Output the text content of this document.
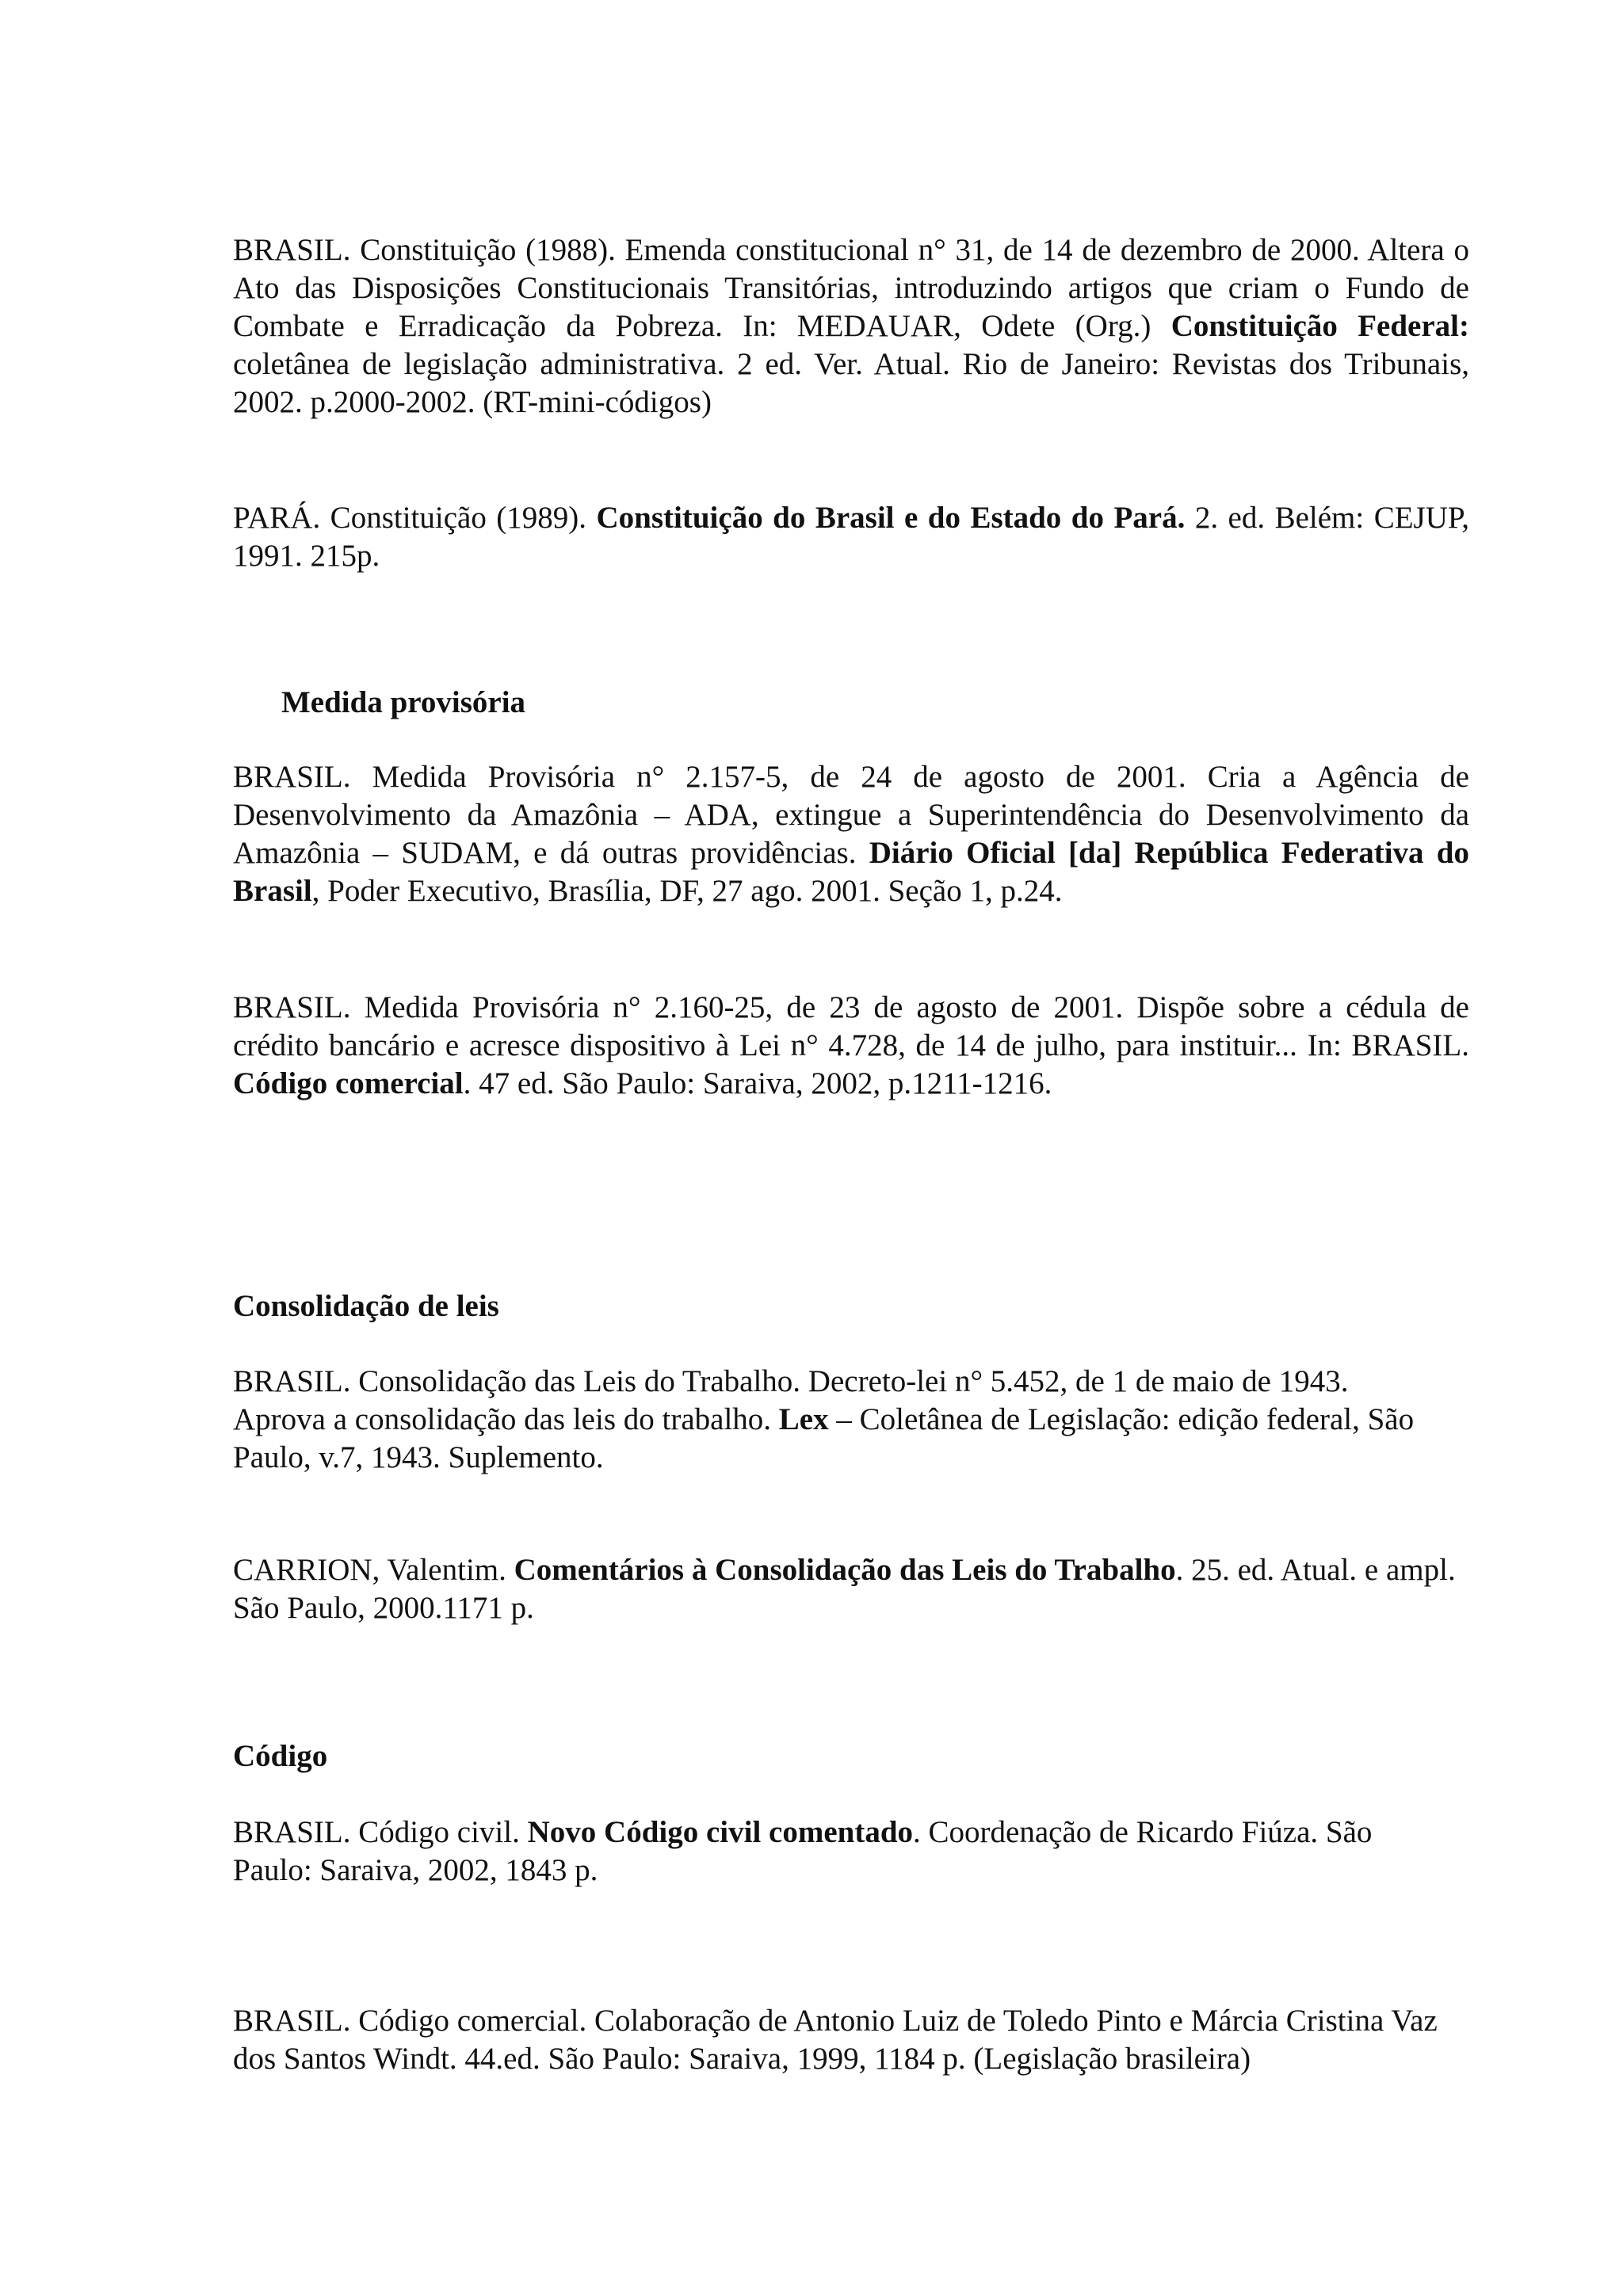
BRASIL. Constituição (1988). Emenda constitucional n° 31, de 14 de dezembro de 2000. Altera o Ato das Disposições Constitucionais Transitórias, introduzindo artigos que criam o Fundo de Combate e Erradicação da Pobreza. In: MEDAUAR, Odete (Org.) Constituição Federal: coletânea de legislação administrativa. 2 ed. Ver. Atual. Rio de Janeiro: Revistas dos Tribunais, 2002. p.2000-2002. (RT-mini-códigos)

PARÁ. Constituição (1989). Constituição do Brasil e do Estado do Pará. 2. ed. Belém: CEJUP, 1991. 215p.

Medida provisória

BRASIL. Medida Provisória n° 2.157-5, de 24 de agosto de 2001. Cria a Agência de Desenvolvimento da Amazônia – ADA, extingue a Superintendência do Desenvolvimento da Amazônia – SUDAM, e dá outras providências. Diário Oficial [da] República Federativa do Brasil, Poder Executivo, Brasília, DF, 27 ago. 2001. Seção 1, p.24.

BRASIL. Medida Provisória n° 2.160-25, de 23 de agosto de 2001. Dispõe sobre a cédula de crédito bancário e acresce dispositivo à Lei n° 4.728, de 14 de julho, para instituir... In: BRASIL. Código comercial. 47 ed. São Paulo: Saraiva, 2002, p.1211-1216.

Consolidação de leis

BRASIL. Consolidação das Leis do Trabalho. Decreto-lei n° 5.452, de 1 de maio de 1943. Aprova a consolidação das leis do trabalho. Lex – Coletânea de Legislação: edição federal, São Paulo, v.7, 1943. Suplemento.

CARRION, Valentim. Comentários à Consolidação das Leis do Trabalho. 25. ed. Atual. e ampl. São Paulo, 2000.1171 p.

Código

BRASIL. Código civil. Novo Código civil comentado. Coordenação de Ricardo Fiúza. São Paulo: Saraiva, 2002, 1843 p.

BRASIL. Código comercial. Colaboração de Antonio Luiz de Toledo Pinto e Márcia Cristina Vaz dos Santos Windt. 44.ed. São Paulo: Saraiva, 1999, 1184 p. (Legislação brasileira)
